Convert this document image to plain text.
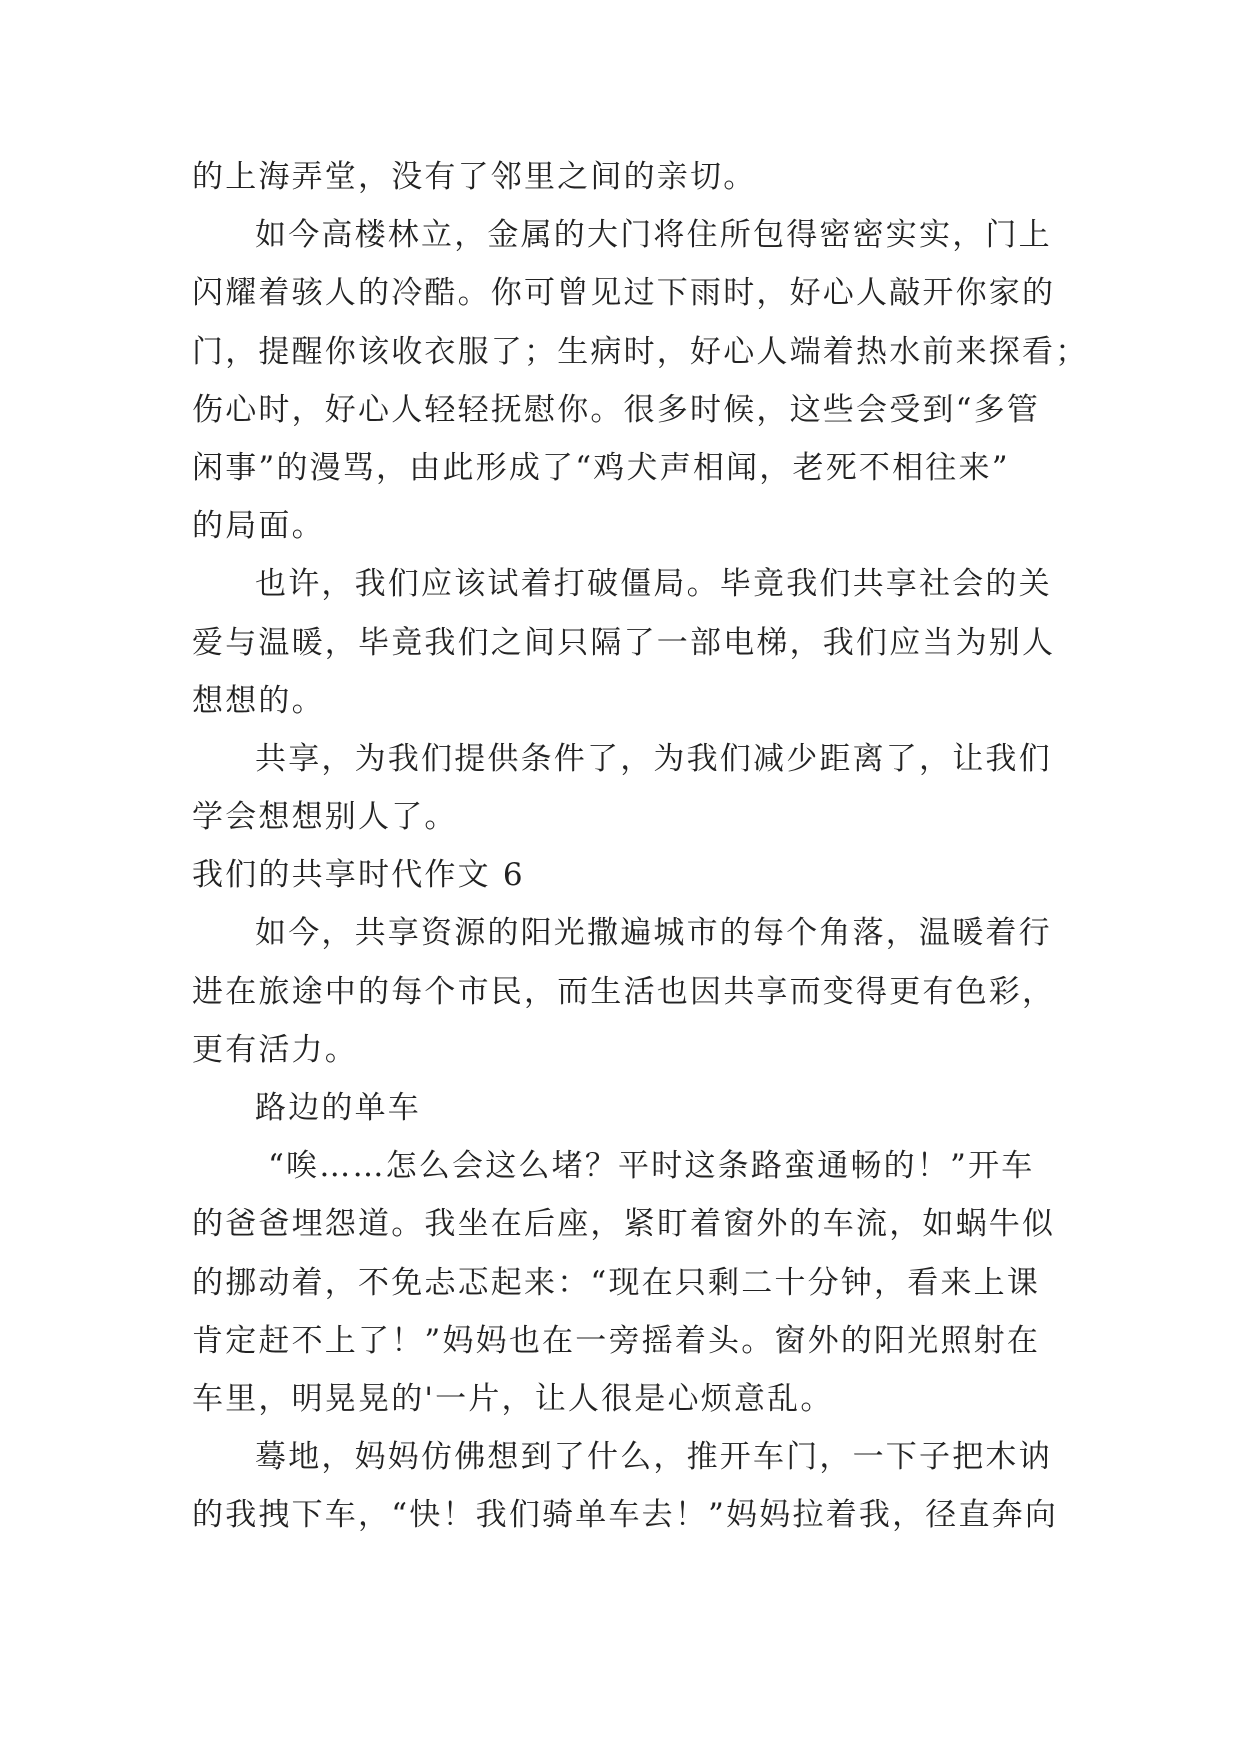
的上海弄堂，没有了邻里之间的亲切。
如今高楼林立，金属的大门将住所包得密密实实，门上
闪耀着骇人的冷酷。你可曾见过下雨时，好心人敲开你家的
门，提醒你该收衣服了；生病时，好心人端着热水前来探看；
伤心时，好心人轻轻抚慰你。很多时候，这些会受到“多管
闲事”的漫骂，由此形成了“鸡犬声相闻，老死不相往来”
的局面。
也许，我们应该试着打破僵局。毕竟我们共享社会的关
爱与温暖，毕竟我们之间只隔了一部电梯，我们应当为别人
想想的。
共享，为我们提供条件了，为我们减少距离了，让我们
学会想想别人了。
我们的共享时代作文 6
如今，共享资源的阳光撒遍城市的每个角落，温暖着行
进在旅途中的每个市民，而生活也因共享而变得更有色彩，
更有活力。
路边的单车
“唉……怎么会这么堵？平时这条路蛮通畅的！”开车
的爸爸埋怨道。我坐在后座，紧盯着窗外的车流，如蜗牛似
的挪动着，不免忐忑起来：“现在只剩二十分钟，看来上课
肯定赶不上了！”妈妈也在一旁摇着头。窗外的阳光照射在
车里，明晃晃的'一片，让人很是心烦意乱。
蓦地，妈妈仿佛想到了什么，推开车门，一下子把木讷
的我拽下车，“快！我们骑单车去！”妈妈拉着我，径直奔向
